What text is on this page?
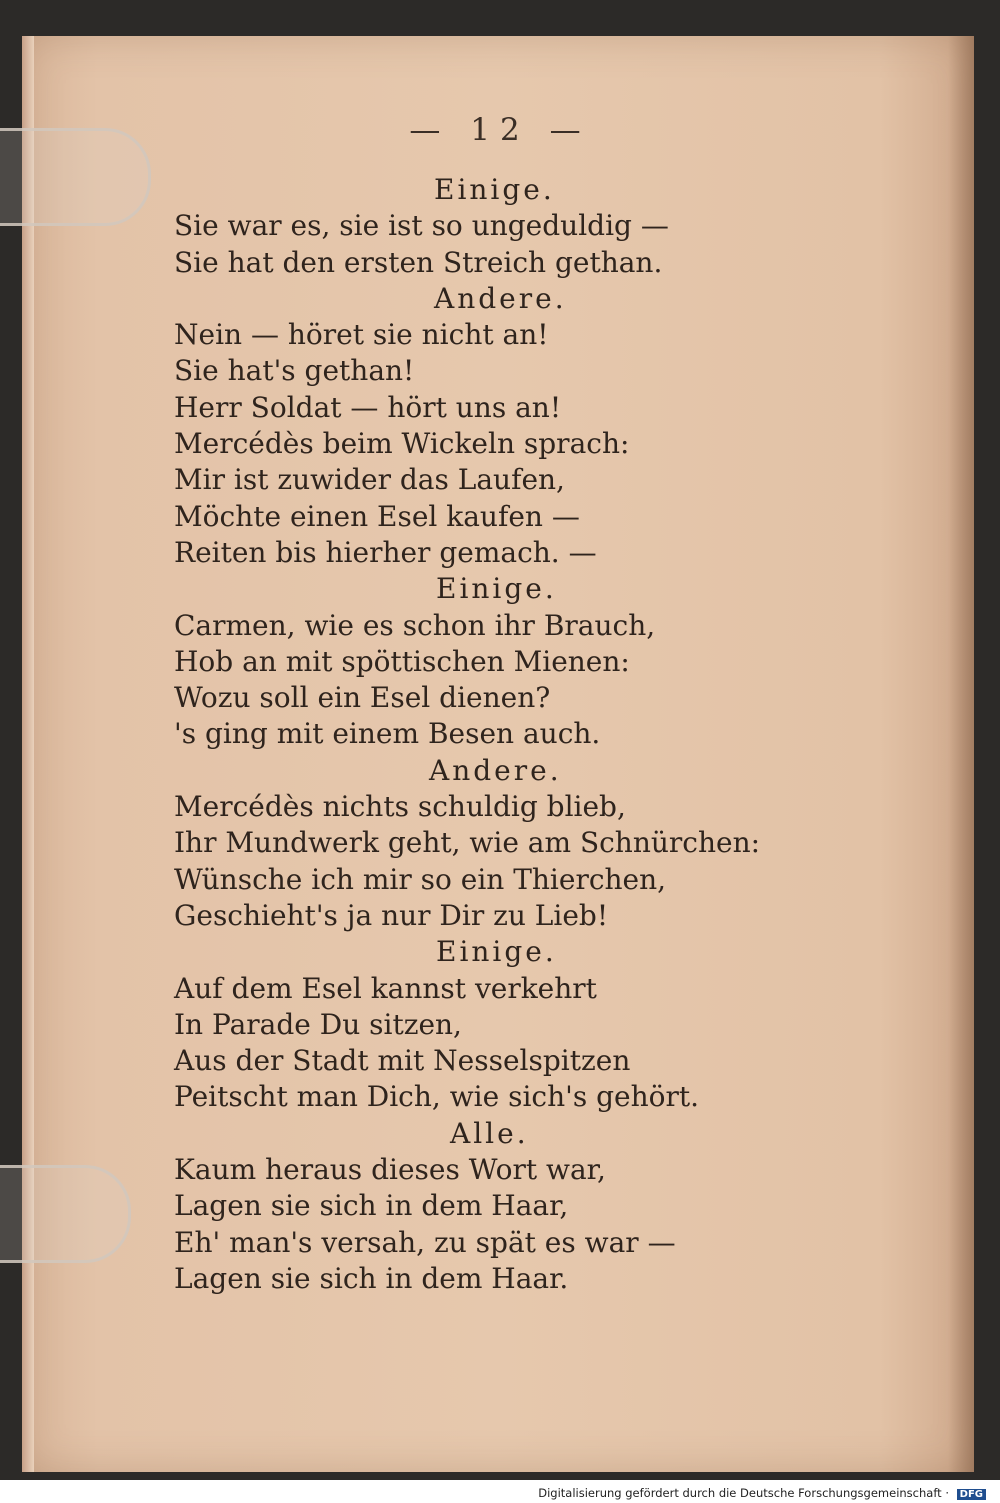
— 12 —
Einige.
Sie war es, sie ist so ungeduldig —
Sie hat den ersten Streich gethan.
Andere.
Nein — höret sie nicht an!
Sie hat's gethan!
Herr Soldat — hört uns an!
Mercédès beim Wickeln sprach:
Mir ist zuwider das Laufen,
Möchte einen Esel kaufen —
Reiten bis hierher gemach. —
Einige.
Carmen, wie es schon ihr Brauch,
Hob an mit spöttischen Mienen:
Wozu soll ein Esel dienen?
's ging mit einem Besen auch.
Andere.
Mercédès nichts schuldig blieb,
Ihr Mundwerk geht, wie am Schnürchen:
Wünsche ich mir so ein Thierchen,
Geschieht's ja nur Dir zu Lieb!
Einige.
Auf dem Esel kannst verkehrt
In Parade Du sitzen,
Aus der Stadt mit Nesselspitzen
Peitscht man Dich, wie sich's gehört.
Alle.
Kaum heraus dieses Wort war,
Lagen sie sich in dem Haar,
Eh' man's versah, zu spät es war —
Lagen sie sich in dem Haar.
Digitalisierung gefördert durch die Deutsche Forschungsgemeinschaft · DFG
